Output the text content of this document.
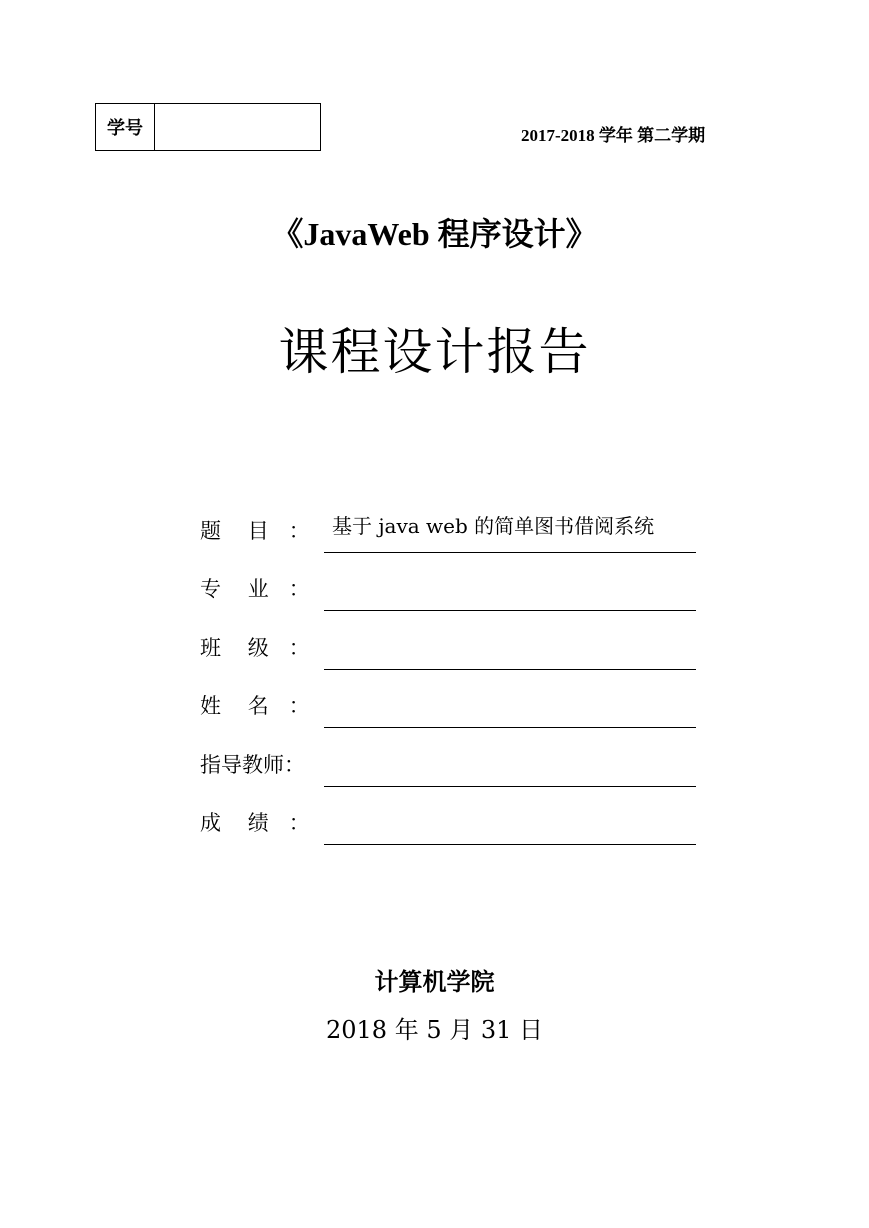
学号	2017-2018 学年 第二学期
《JavaWeb 程序设计》
课程设计报告
题    目   ： 基于 java web 的简单图书借阅系统
专    业   ：
班    级   ：
姓    名   ：
指导教师：
成    绩   ：
计算机学院
2018 年 5 月 31 日
